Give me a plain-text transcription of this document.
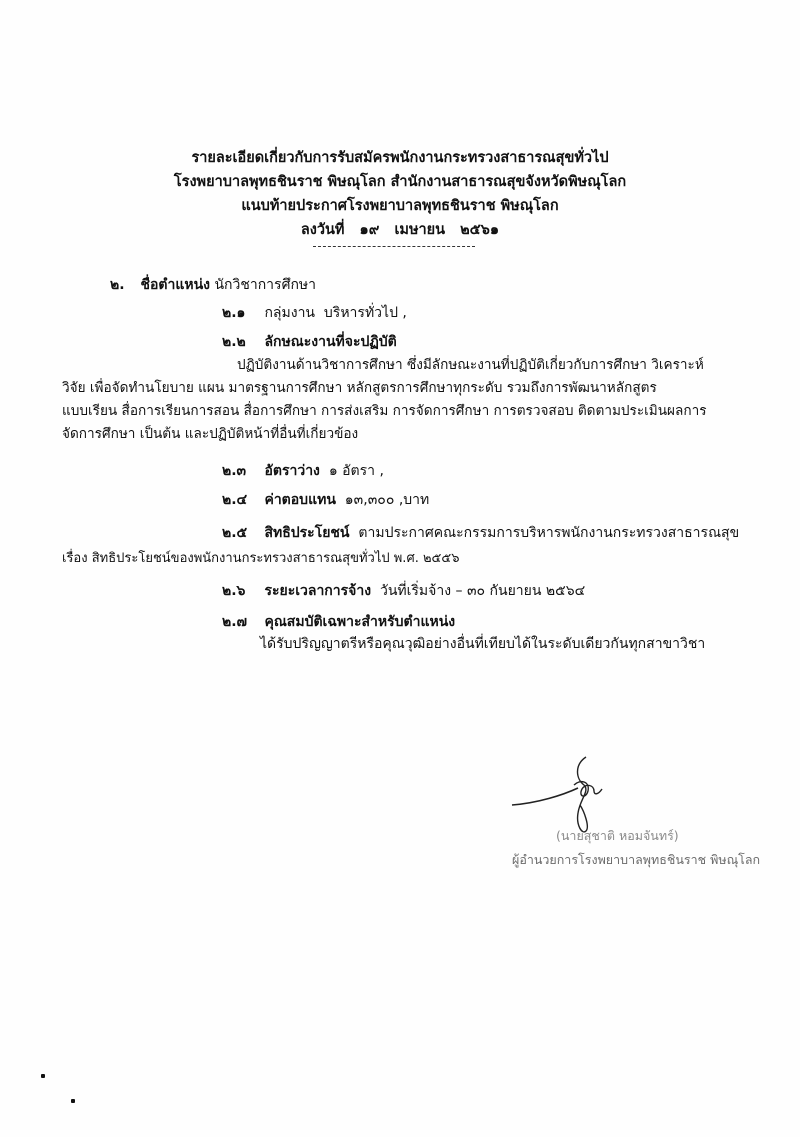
รายละเอียดเกี่ยวกับการรับสมัครพนักงานกระทรวงสาธารณสุขทั่วไป
โรงพยาบาลพุทธชินราช พิษณุโลก สำนักงานสาธารณสุขจังหวัดพิษณุโลก
แนบท้ายประกาศโรงพยาบาลพุทธชินราช พิษณุโลก
ลงวันที่ ๑๙ เมษายน ๒๕๖๑
๒. ชื่อตำแหน่ง นักวิชาการศึกษา
๒.๑ กลุ่มงาน บริหารทั่วไป ,
๒.๒ ลักษณะงานที่จะปฏิบัติ
ปฏิบัติงานด้านวิชาการศึกษา ซึ่งมีลักษณะงานที่ปฏิบัติเกี่ยวกับการศึกษา วิเคราะห์
วิจัย เพื่อจัดทำนโยบาย แผน มาตรฐานการศึกษา หลักสูตรการศึกษาทุกระดับ รวมถึงการพัฒนาหลักสูตร
แบบเรียน สื่อการเรียนการสอน สื่อการศึกษา การส่งเสริม การจัดการศึกษา การตรวจสอบ ติดตามประเมินผลการ
จัดการศึกษา เป็นต้น และปฏิบัติหน้าที่อื่นที่เกี่ยวข้อง
๒.๓ อัตราว่าง ๑ อัตรา ,
๒.๔ ค่าตอบแทน ๑๓,๓๐๐ ,บาท
๒.๕ สิทธิประโยชน์ ตามประกาศคณะกรรมการบริหารพนักงานกระทรวงสาธารณสุข
เรื่อง สิทธิประโยชน์ของพนักงานกระทรวงสาธารณสุขทั่วไป พ.ศ. ๒๕๕๖
๒.๖ ระยะเวลาการจ้าง วันที่เริ่มจ้าง – ๓๐ กันยายน ๒๕๖๔
๒.๗ คุณสมบัติเฉพาะสำหรับตำแหน่ง
ได้รับปริญญาตรีหรือคุณวุฒิอย่างอื่นที่เทียบได้ในระดับเดียวกันทุกสาขาวิชา
(นายสุชาติ หอมจันทร์)
ผู้อำนวยการโรงพยาบาลพุทธชินราช พิษณุโลก
